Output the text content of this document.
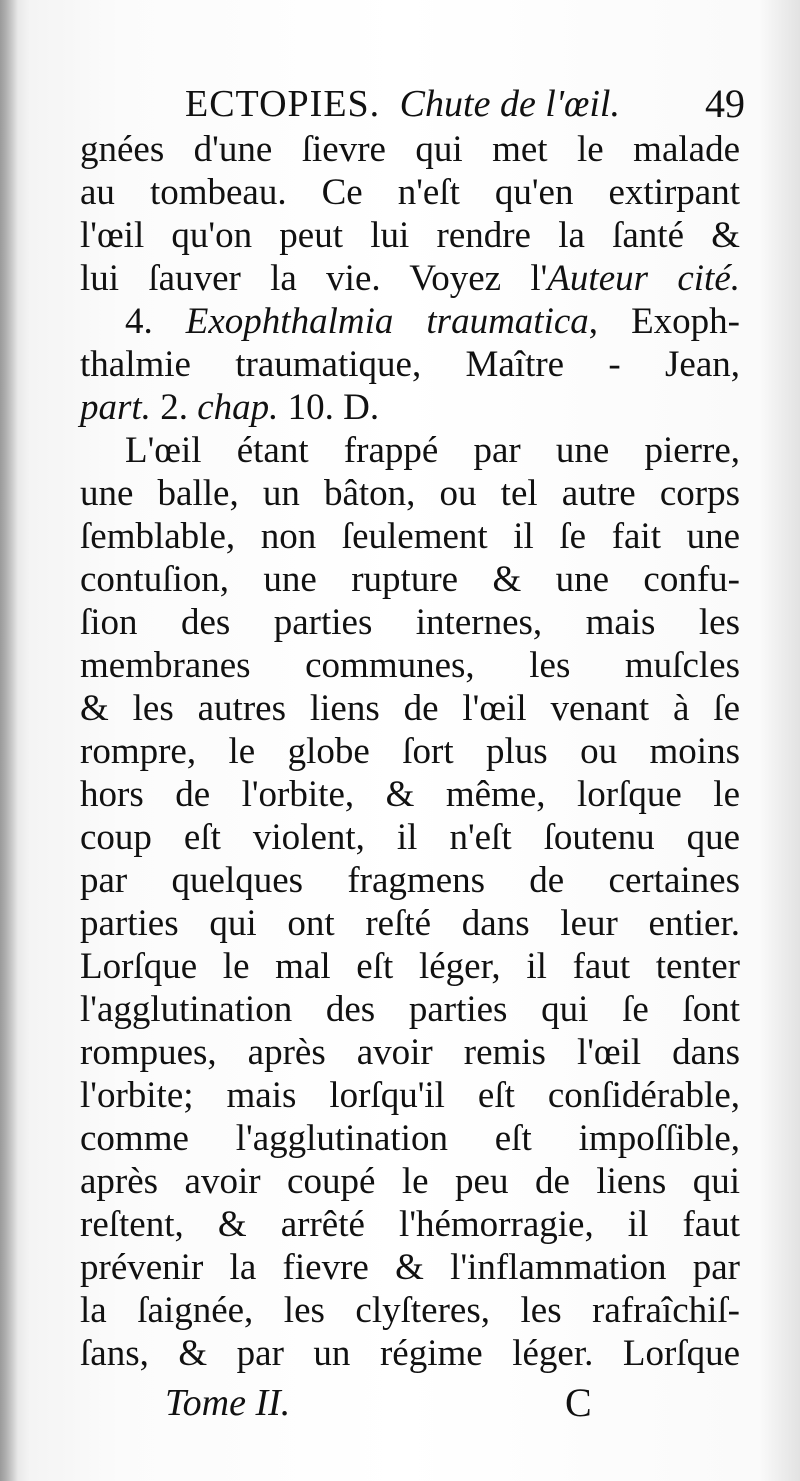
ECTOPIES. Chute de l'œil. 49
gnées d'une ſievre qui met le malade
au tombeau. Ce n'eſt qu'en extirpant
l'œil qu'on peut lui rendre la ſanté &
lui ſauver la vie. Voyez l'Auteur cité.
4. Exophthalmia traumatica, Exoph-
thalmie traumatique, Maître - Jean,
part. 2. chap. 10. D.
L'œil étant frappé par une pierre,
une balle, un bâton, ou tel autre corps
ſemblable, non ſeulement il ſe fait une
contuſion, une rupture & une confu-
ſion des parties internes, mais les
membranes communes, les muſcles
& les autres liens de l'œil venant à ſe
rompre, le globe ſort plus ou moins
hors de l'orbite, & même, lorſque le
coup eſt violent, il n'eſt ſoutenu que
par quelques fragmens de certaines
parties qui ont reſté dans leur entier.
Lorſque le mal eſt léger, il faut tenter
l'agglutination des parties qui ſe ſont
rompues, après avoir remis l'œil dans
l'orbite; mais lorſqu'il eſt conſidérable,
comme l'agglutination eſt impoſſible,
après avoir coupé le peu de liens qui
reſtent, & arrêté l'hémorragie, il faut
prévenir la fievre & l'inflammation par
la ſaignée, les clyſteres, les rafraîchiſ-
ſans, & par un régime léger. Lorſque
Tome II.	C
